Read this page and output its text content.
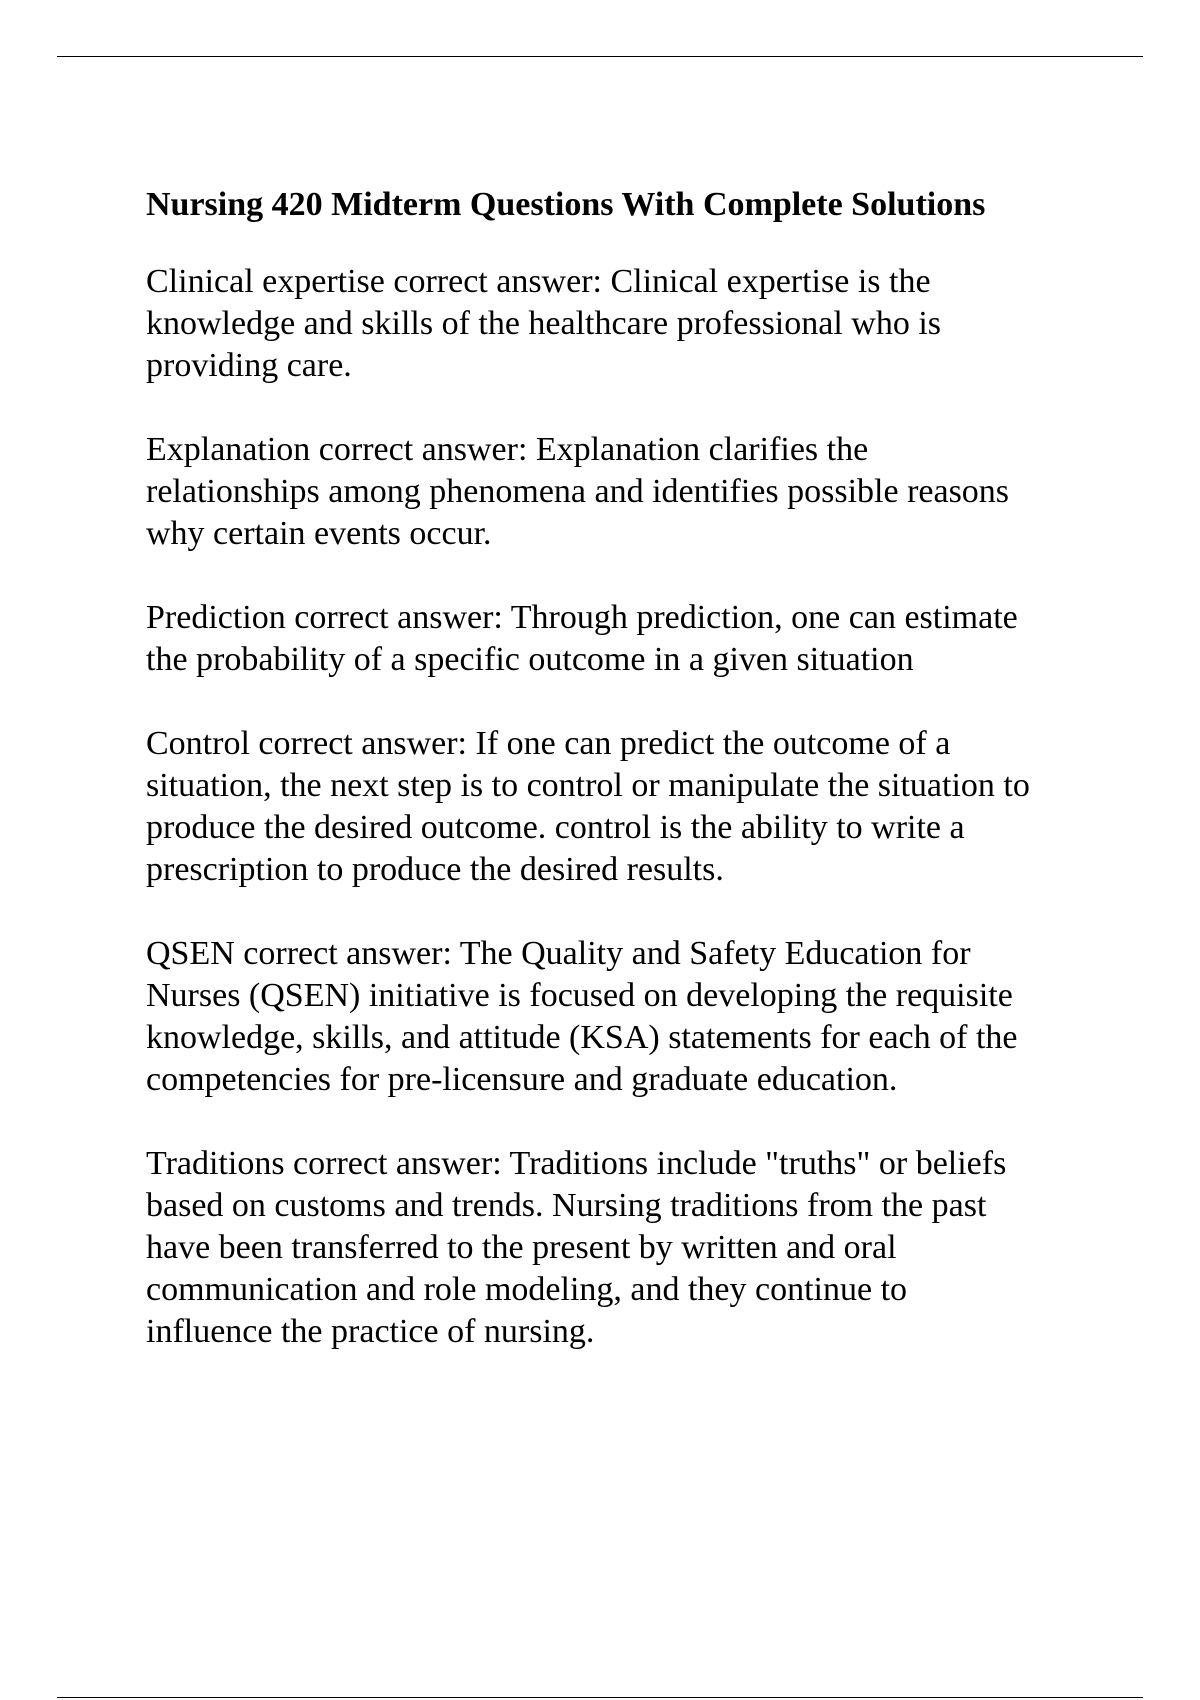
Nursing 420 Midterm Questions With Complete Solutions
Clinical expertise correct answer: Clinical expertise is the
knowledge and skills of the healthcare professional who is
providing care.
Explanation correct answer: Explanation clarifies the
relationships among phenomena and identifies possible reasons
why certain events occur.
Prediction correct answer: Through prediction, one can estimate
the probability of a specific outcome in a given situation
Control correct answer: If one can predict the outcome of a
situation, the next step is to control or manipulate the situation to
produce the desired outcome. control is the ability to write a
prescription to produce the desired results.
QSEN correct answer: The Quality and Safety Education for
Nurses (QSEN) initiative is focused on developing the requisite
knowledge, skills, and attitude (KSA) statements for each of the
competencies for pre-licensure and graduate education.
Traditions correct answer: Traditions include "truths" or beliefs
based on customs and trends. Nursing traditions from the past
have been transferred to the present by written and oral
communication and role modeling, and they continue to
influence the practice of nursing.
